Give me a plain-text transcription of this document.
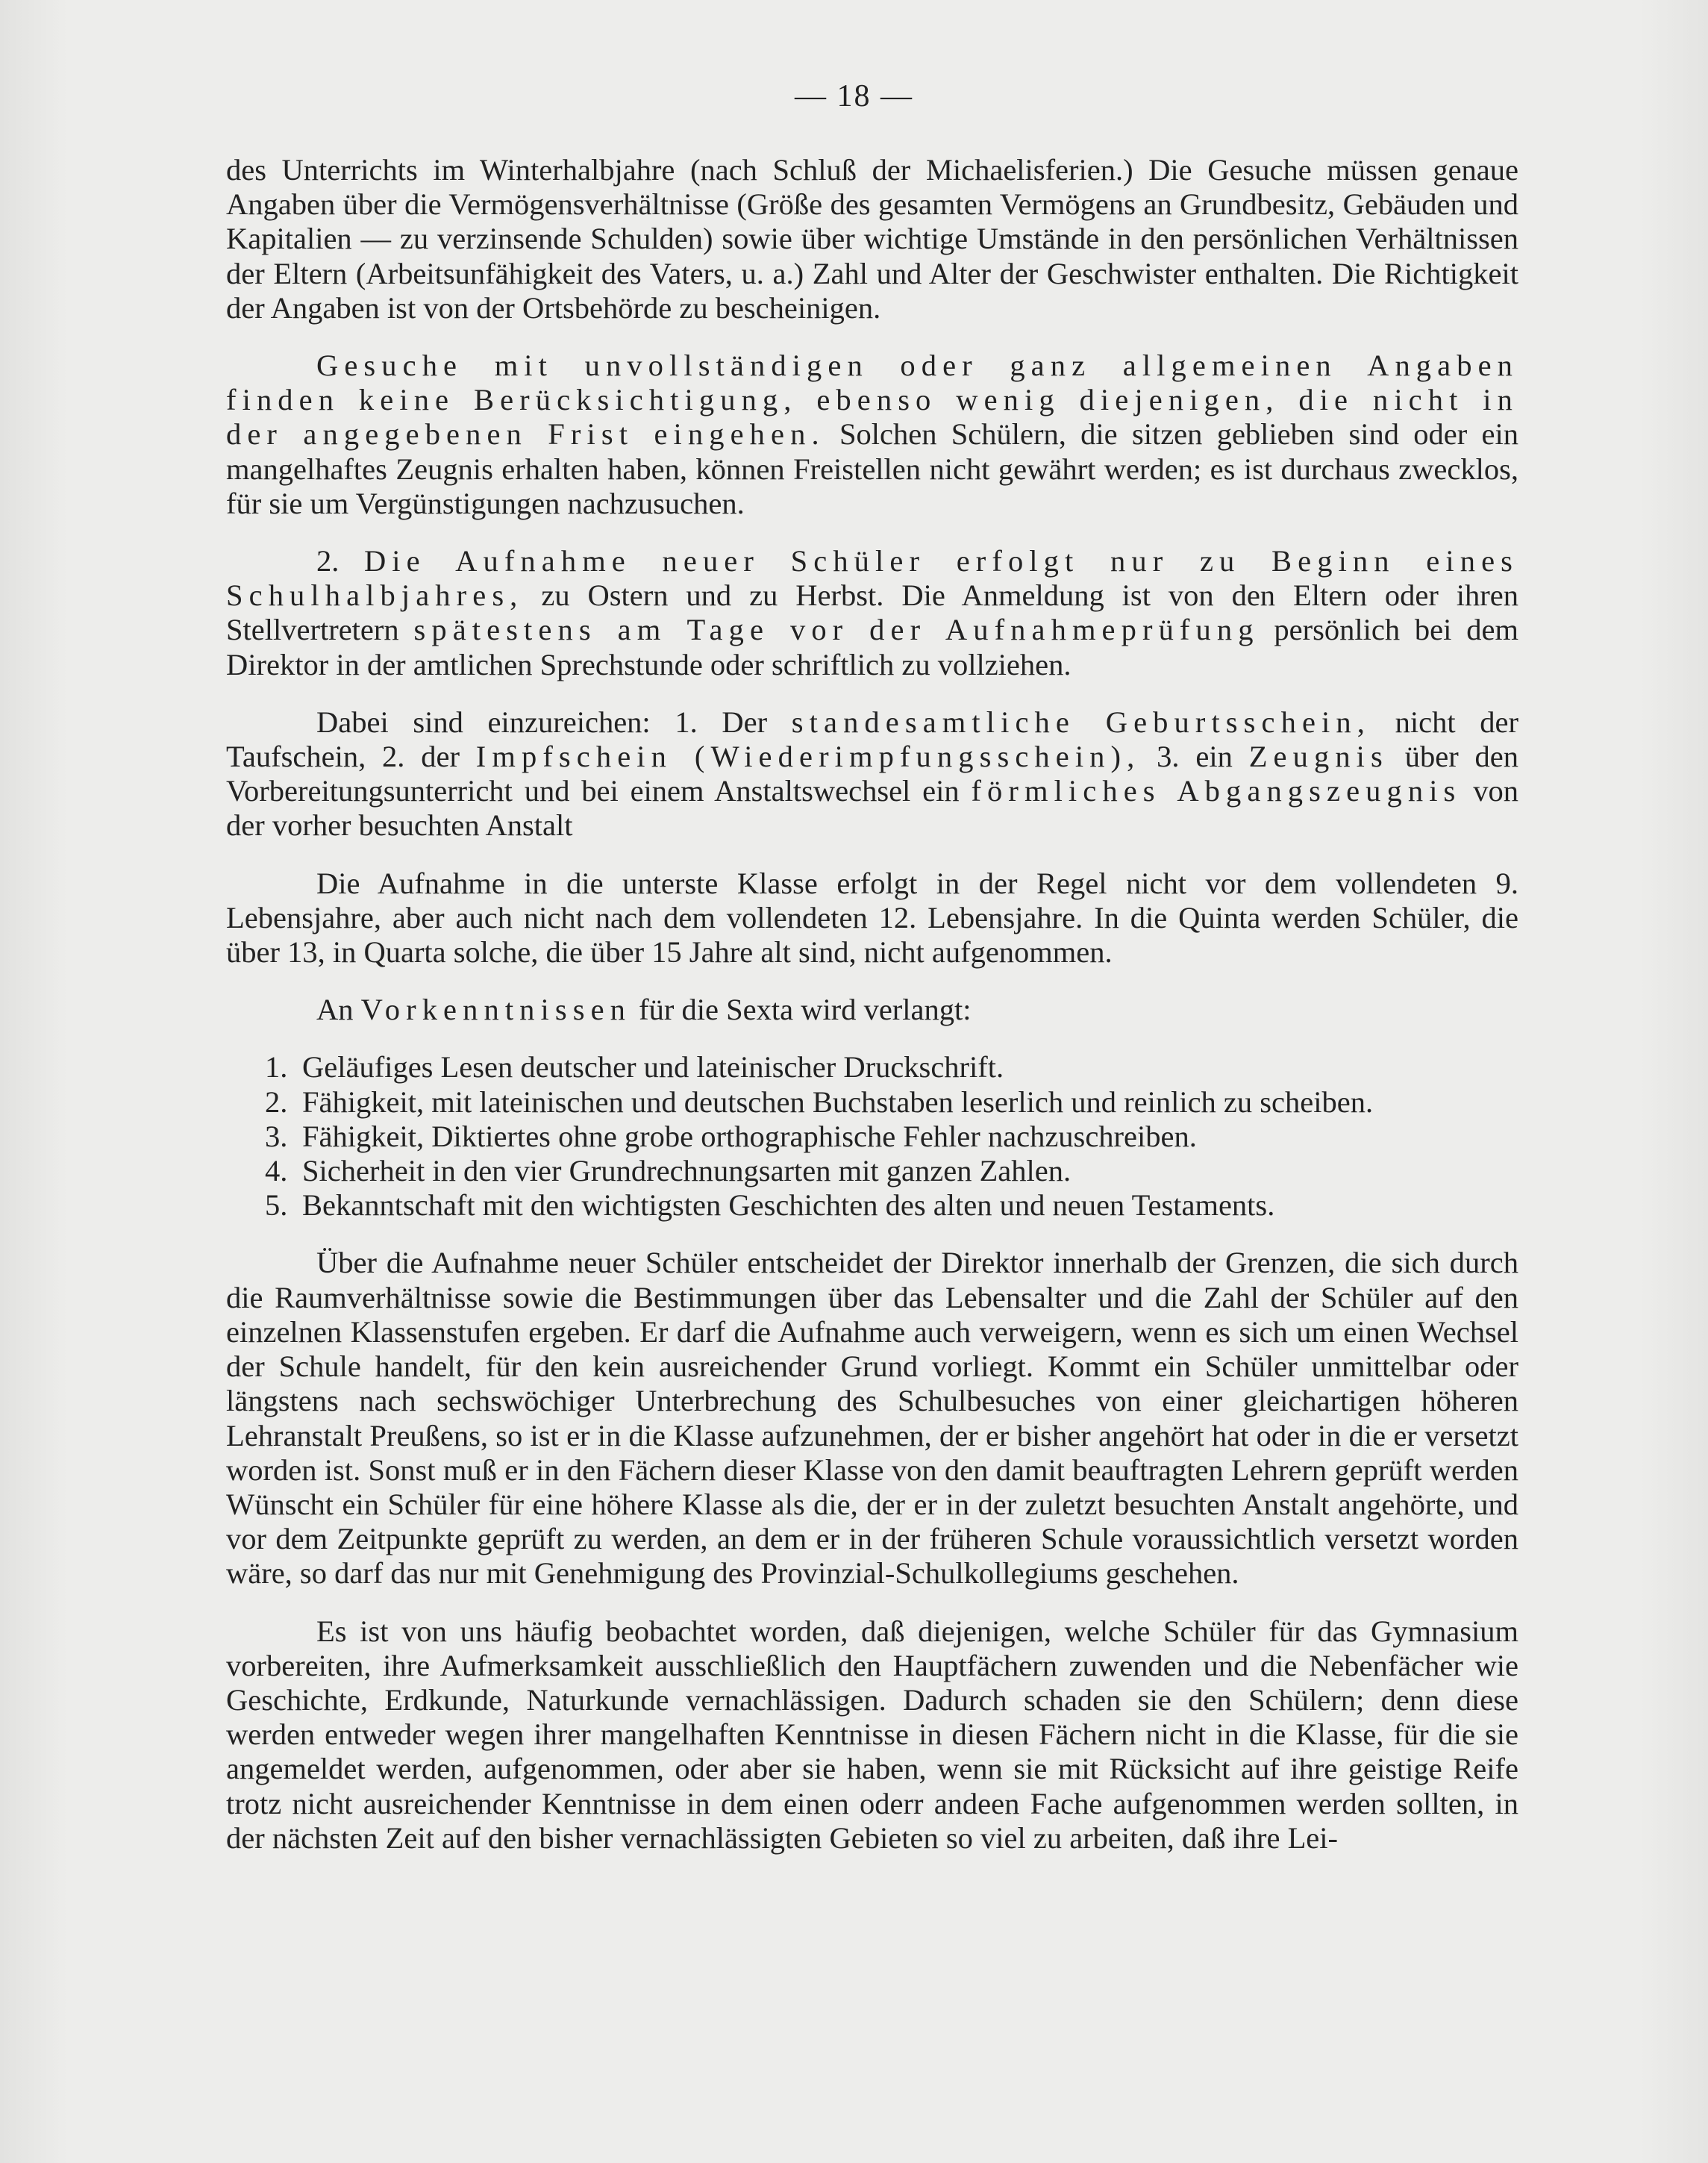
— 18 —

des Unterrichts im Winterhalbjahre (nach Schluß der Michaelisferien.) Die Gesuche müssen genaue Angaben über die Vermögensverhältnisse (Größe des gesamten Vermögens an Grundbesitz, Gebäuden und Kapitalien — zu verzinsende Schulden) sowie über wichtige Umstände in den persönlichen Verhältnissen der Eltern (Arbeitsunfähigkeit des Vaters, u. a.) Zahl und Alter der Geschwister enthalten. Die Richtigkeit der Angaben ist von der Ortsbehörde zu bescheinigen.

Gesuche mit unvollständigen oder ganz allgemeinen Angaben finden keine Berücksichtigung, ebenso wenig diejenigen, die nicht in der angegebenen Frist eingehen. Solchen Schülern, die sitzen geblieben sind oder ein mangelhaftes Zeugnis erhalten haben, können Freistellen nicht gewährt werden; es ist durchaus zwecklos, für sie um Vergünstigungen nachzusuchen.

2. Die Aufnahme neuer Schüler erfolgt nur zu Beginn eines Schulhalbjahres, zu Ostern und zu Herbst. Die Anmeldung ist von den Eltern oder ihren Stellvertretern spätestens am Tage vor der Aufnahmeprüfung persönlich bei dem Direktor in der amtlichen Sprechstunde oder schriftlich zu vollziehen.

Dabei sind einzureichen: 1. Der standesamtliche Geburtsschein, nicht der Taufschein, 2. der Impfschein (Wiederimpfungsschein), 3. ein Zeugnis über den Vorbereitungsunterricht und bei einem Anstaltswechsel ein förmliches Abgangszeugnis von der vorher besuchten Anstalt

Die Aufnahme in die unterste Klasse erfolgt in der Regel nicht vor dem vollendeten 9. Lebensjahre, aber auch nicht nach dem vollendeten 12. Lebensjahre. In die Quinta werden Schüler, die über 13, in Quarta solche, die über 15 Jahre alt sind, nicht aufgenommen.

An Vorkenntnissen für die Sexta wird verlangt:

1. Geläufiges Lesen deutscher und lateinischer Druckschrift.
2. Fähigkeit, mit lateinischen und deutschen Buchstaben leserlich und reinlich zu scheiben.
3. Fähigkeit, Diktiertes ohne grobe orthographische Fehler nachzuschreiben.
4. Sicherheit in den vier Grundrechnungsarten mit ganzen Zahlen.
5. Bekanntschaft mit den wichtigsten Geschichten des alten und neuen Testaments.

Über die Aufnahme neuer Schüler entscheidet der Direktor innerhalb der Grenzen, die sich durch die Raumverhältnisse sowie die Bestimmungen über das Lebensalter und die Zahl der Schüler auf den einzelnen Klassenstufen ergeben. Er darf die Aufnahme auch verweigern, wenn es sich um einen Wechsel der Schule handelt, für den kein ausreichender Grund vorliegt. Kommt ein Schüler unmittelbar oder längstens nach sechswöchiger Unterbrechung des Schulbesuches von einer gleichartigen höheren Lehranstalt Preußens, so ist er in die Klasse aufzunehmen, der er bisher angehört hat oder in die er versetzt worden ist. Sonst muß er in den Fächern dieser Klasse von den damit beauftragten Lehrern geprüft werden Wünscht ein Schüler für eine höhere Klasse als die, der er in der zuletzt besuchten Anstalt angehörte, und vor dem Zeitpunkte geprüft zu werden, an dem er in der früheren Schule voraussichtlich versetzt worden wäre, so darf das nur mit Genehmigung des Provinzial-Schulkollegiums geschehen.

Es ist von uns häufig beobachtet worden, daß diejenigen, welche Schüler für das Gymnasium vorbereiten, ihre Aufmerksamkeit ausschließlich den Hauptfächern zuwenden und die Nebenfächer wie Geschichte, Erdkunde, Naturkunde vernachlässigen. Dadurch schaden sie den Schülern; denn diese werden entweder wegen ihrer mangelhaften Kenntnisse in diesen Fächern nicht in die Klasse, für die sie angemeldet werden, aufgenommen, oder aber sie haben, wenn sie mit Rücksicht auf ihre geistige Reife trotz nicht ausreichender Kenntnisse in dem einen oderr andeen Fache aufgenommen werden sollten, in der nächsten Zeit auf den bisher vernachlässigten Gebieten so viel zu arbeiten, daß ihre Lei-
